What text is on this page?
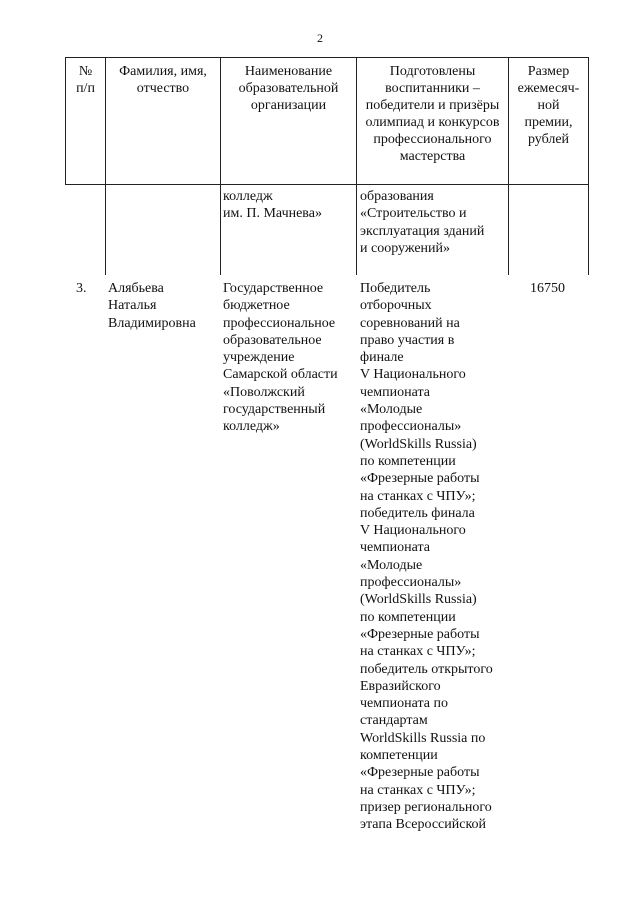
2
№
п/п
Фамилия, имя,
отчество
Наименование
образовательной
организации
Подготовлены
воспитанники –
победители и призёры
олимпиад и конкурсов
профессионального
мастерства
Размер
ежемесяч-
ной
премии,
рублей
колледж
им. П. Мачнева»
образования
«Строительство и
эксплуатация зданий
и сооружений»
3. Алябьева
Наталья
Владимировна
Государственное
бюджетное
профессиональное
образовательное
учреждение
Самарской области
«Поволжский
государственный
колледж»
Победитель
отборочных
соревнований на
право участия в
финале
V Национального
чемпионата
«Молодые
профессионалы»
(WorldSkills Russia)
по компетенции
«Фрезерные работы
на станках с ЧПУ»;
победитель финала
V Национального
чемпионата
«Молодые
профессионалы»
(WorldSkills Russia)
по компетенции
«Фрезерные работы
на станках с ЧПУ»;
победитель открытого
Евразийского
чемпионата по
стандартам
WorldSkills Russia по
компетенции
«Фрезерные работы
на станках с ЧПУ»;
призер регионального
этапа Всероссийской
16750
